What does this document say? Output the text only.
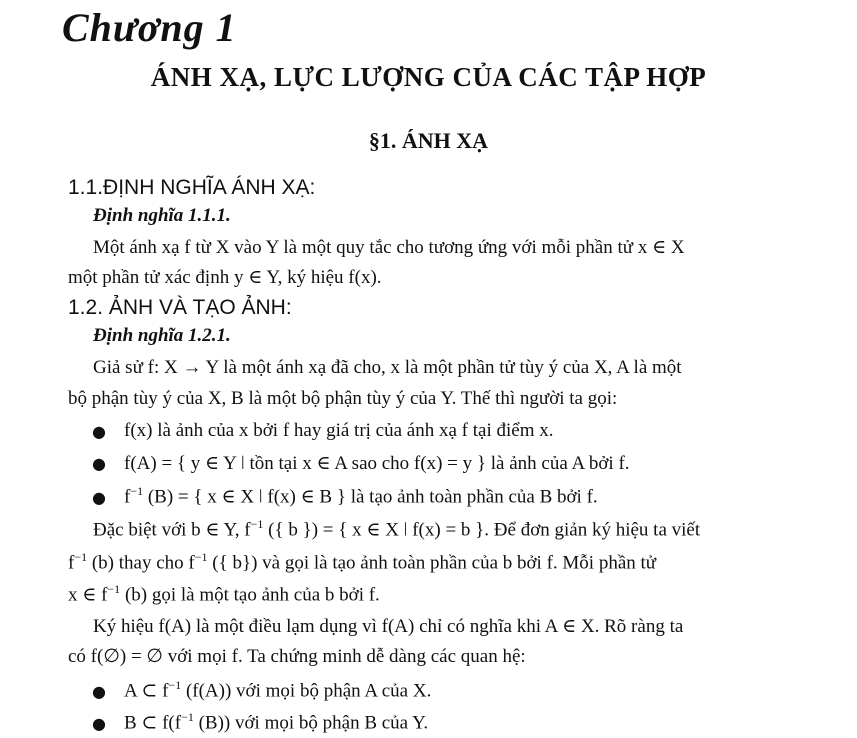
Chương 1
ÁNH XẠ, LỰC LƯỢNG CỦA CÁC TẬP HỢP
§1. ÁNH XẠ
1.1.ĐỊNH NGHĨA ÁNH XẠ:
Định nghĩa 1.1.1.
Một ánh xạ f từ X vào Y là một quy tắc cho tương ứng với mỗi phần tử x ∈ X
một phần tử xác định y ∈ Y, ký hiệu f(x).
1.2. ẢNH VÀ TẠO ẢNH:
Định nghĩa 1.2.1.
Giả sử f: X → Y là một ánh xạ đã cho, x là một phần tử tùy ý của X, A là một
bộ phận tùy ý của X, B là một bộ phận tùy ý của Y. Thế thì người ta gọi:
● f(x) là ảnh của x bởi f hay giá trị của ánh xạ f tại điểm x.
● f(A) = { y ∈ Y ǀ tồn tại x ∈ A sao cho f(x) = y } là ảnh của A bởi f.
● $f^{-1}$ (B) = { x ∈ X ǀ f(x) ∈ B } là tạo ảnh toàn phần của B bởi f.
Đặc biệt với b ∈ Y, $f^{-1}$ ({ b }) = { x ∈ X ǀ f(x) = b }. Để đơn giản ký hiệu ta viết
$f^{-1}$ (b) thay cho $f^{-1}$ ({ b}) và gọi là tạo ảnh toàn phần của b bởi f. Mỗi phần tử
x ∈ $f^{-1}$ (b) gọi là một tạo ảnh của b bởi f.
Ký hiệu f(A) là một điều lạm dụng vì f(A) chỉ có nghĩa khi A ∈ X. Rõ ràng ta
có f(∅) = ∅ với mọi f. Ta chứng minh dễ dàng các quan hệ:
● A ⊂ $f^{-1}$ (f(A)) với mọi bộ phận A của X.
● B ⊂ $f(f^{-1}$ (B)) với mọi bộ phận B của Y.
